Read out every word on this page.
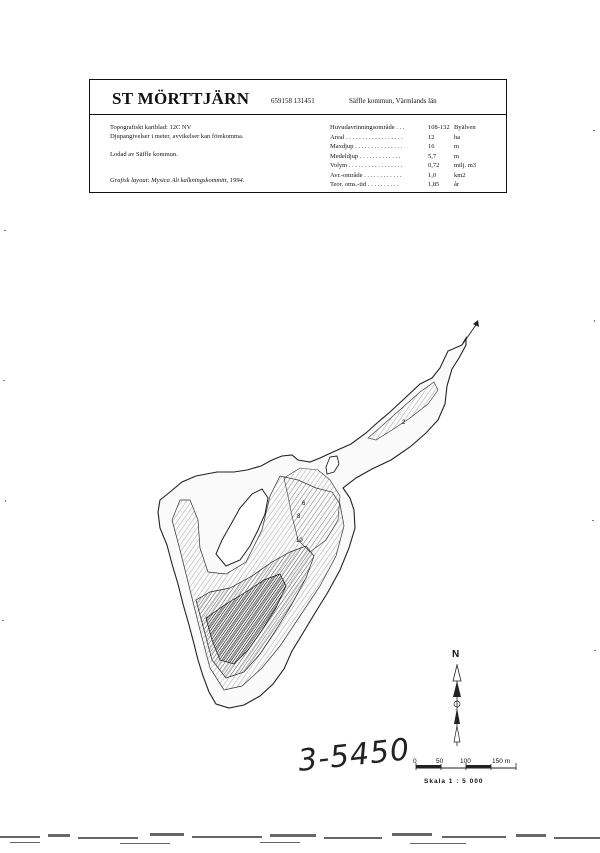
ST MÖRTTJÄRN	659158 131451	Säffle kommun, Värmlands län
Topografiskt kartblad: 12C NV
Djupangivelser i meter, avvikelser kan förekomma.
Lodad av Säffle kommun.
Grafisk layout: Mysica Ali kalkningskommitt, 1994.
Huvudavrinningsområde . . .	108-132 Byälven
Areal . . . . . . . . . . . . . . . . . .	12	ha
Maxdjup . . . . . . . . . . . . . . .	16	m
Medeldjup . . . . . . . . . . . . .	5,7	m
Volym . . . . . . . . . . . . . . . . .	0,72	milj. m3
Avr.-område . . . . . . . . . . . .	1,0	km2
Teor. oms.-tid . . . . . . . . . .	1,85	år
2
6
8
10
N
0	50	100	150 m
Skala 1 : 5 000
3-5450
